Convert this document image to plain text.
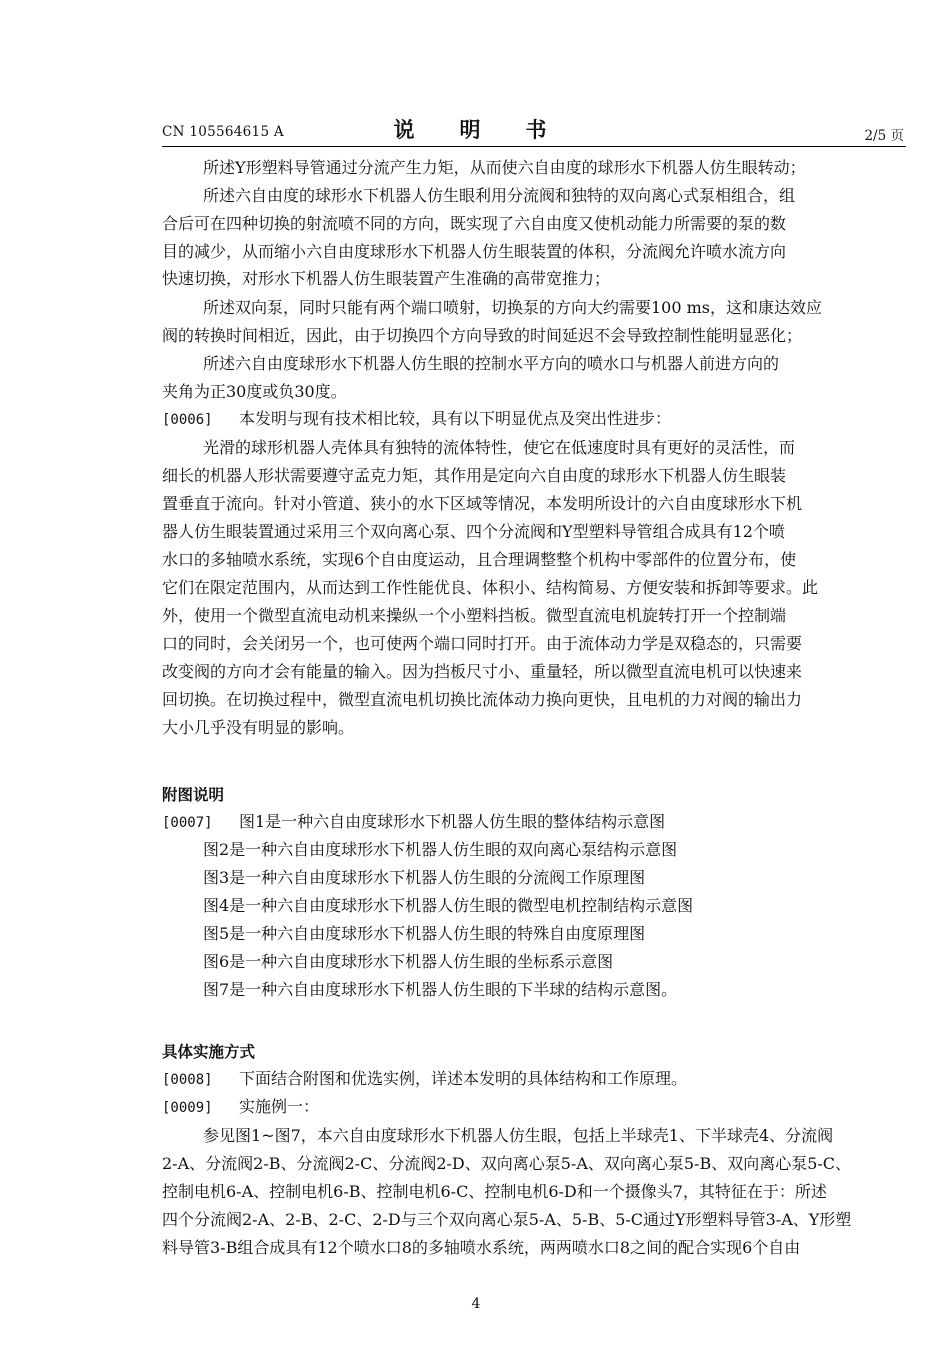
CN 105564615 A	说　明　书	2/5 页
所述Y形塑料导管通过分流产生力矩，从而使六自由度的球形水下机器人仿生眼转动；
所述六自由度的球形水下机器人仿生眼利用分流阀和独特的双向离心式泵相组合，组
合后可在四种切换的射流喷不同的方向，既实现了六自由度又使机动能力所需要的泵的数
目的减少，从而缩小六自由度球形水下机器人仿生眼装置的体积，分流阀允许喷水流方向
快速切换，对形水下机器人仿生眼装置产生准确的高带宽推力；
所述双向泵，同时只能有两个端口喷射，切换泵的方向大约需要100 ms，这和康达效应
阀的转换时间相近，因此，由于切换四个方向导致的时间延迟不会导致控制性能明显恶化；
所述六自由度球形水下机器人仿生眼的控制水平方向的喷水口与机器人前进方向的
夹角为正30度或负30度。
[0006] 本发明与现有技术相比较，具有以下明显优点及突出性进步：
光滑的球形机器人壳体具有独特的流体特性，使它在低速度时具有更好的灵活性，而
细长的机器人形状需要遵守孟克力矩，其作用是定向六自由度的球形水下机器人仿生眼装
置垂直于流向。针对小管道、狭小的水下区域等情况，本发明所设计的六自由度球形水下机
器人仿生眼装置通过采用三个双向离心泵、四个分流阀和Y型塑料导管组合成具有12个喷
水口的多轴喷水系统，实现6个自由度运动，且合理调整整个机构中零部件的位置分布，使
它们在限定范围内，从而达到工作性能优良、体积小、结构简易、方便安装和拆卸等要求。此
外，使用一个微型直流电动机来操纵一个小塑料挡板。微型直流电机旋转打开一个控制端
口的同时，会关闭另一个，也可使两个端口同时打开。由于流体动力学是双稳态的，只需要
改变阀的方向才会有能量的输入。因为挡板尺寸小、重量轻，所以微型直流电机可以快速来
回切换。在切换过程中，微型直流电机切换比流体动力换向更快，且电机的力对阀的输出力
大小几乎没有明显的影响。
附图说明
[0007] 图1是一种六自由度球形水下机器人仿生眼的整体结构示意图
图2是一种六自由度球形水下机器人仿生眼的双向离心泵结构示意图
图3是一种六自由度球形水下机器人仿生眼的分流阀工作原理图
图4是一种六自由度球形水下机器人仿生眼的微型电机控制结构示意图
图5是一种六自由度球形水下机器人仿生眼的特殊自由度原理图
图6是一种六自由度球形水下机器人仿生眼的坐标系示意图
图7是一种六自由度球形水下机器人仿生眼的下半球的结构示意图。
具体实施方式
[0008] 下面结合附图和优选实例，详述本发明的具体结构和工作原理。
[0009] 实施例一：
参见图1~图7，本六自由度球形水下机器人仿生眼，包括上半球壳1、下半球壳4、分流阀
2-A、分流阀2-B、分流阀2-C、分流阀2-D、双向离心泵5-A、双向离心泵5-B、双向离心泵5-C、
控制电机6-A、控制电机6-B、控制电机6-C、控制电机6-D和一个摄像头7，其特征在于：所述
四个分流阀2-A、2-B、2-C、2-D与三个双向离心泵5-A、5-B、5-C通过Y形塑料导管3-A、Y形塑
料导管3-B组合成具有12个喷水口8的多轴喷水系统，两两喷水口8之间的配合实现6个自由
4
